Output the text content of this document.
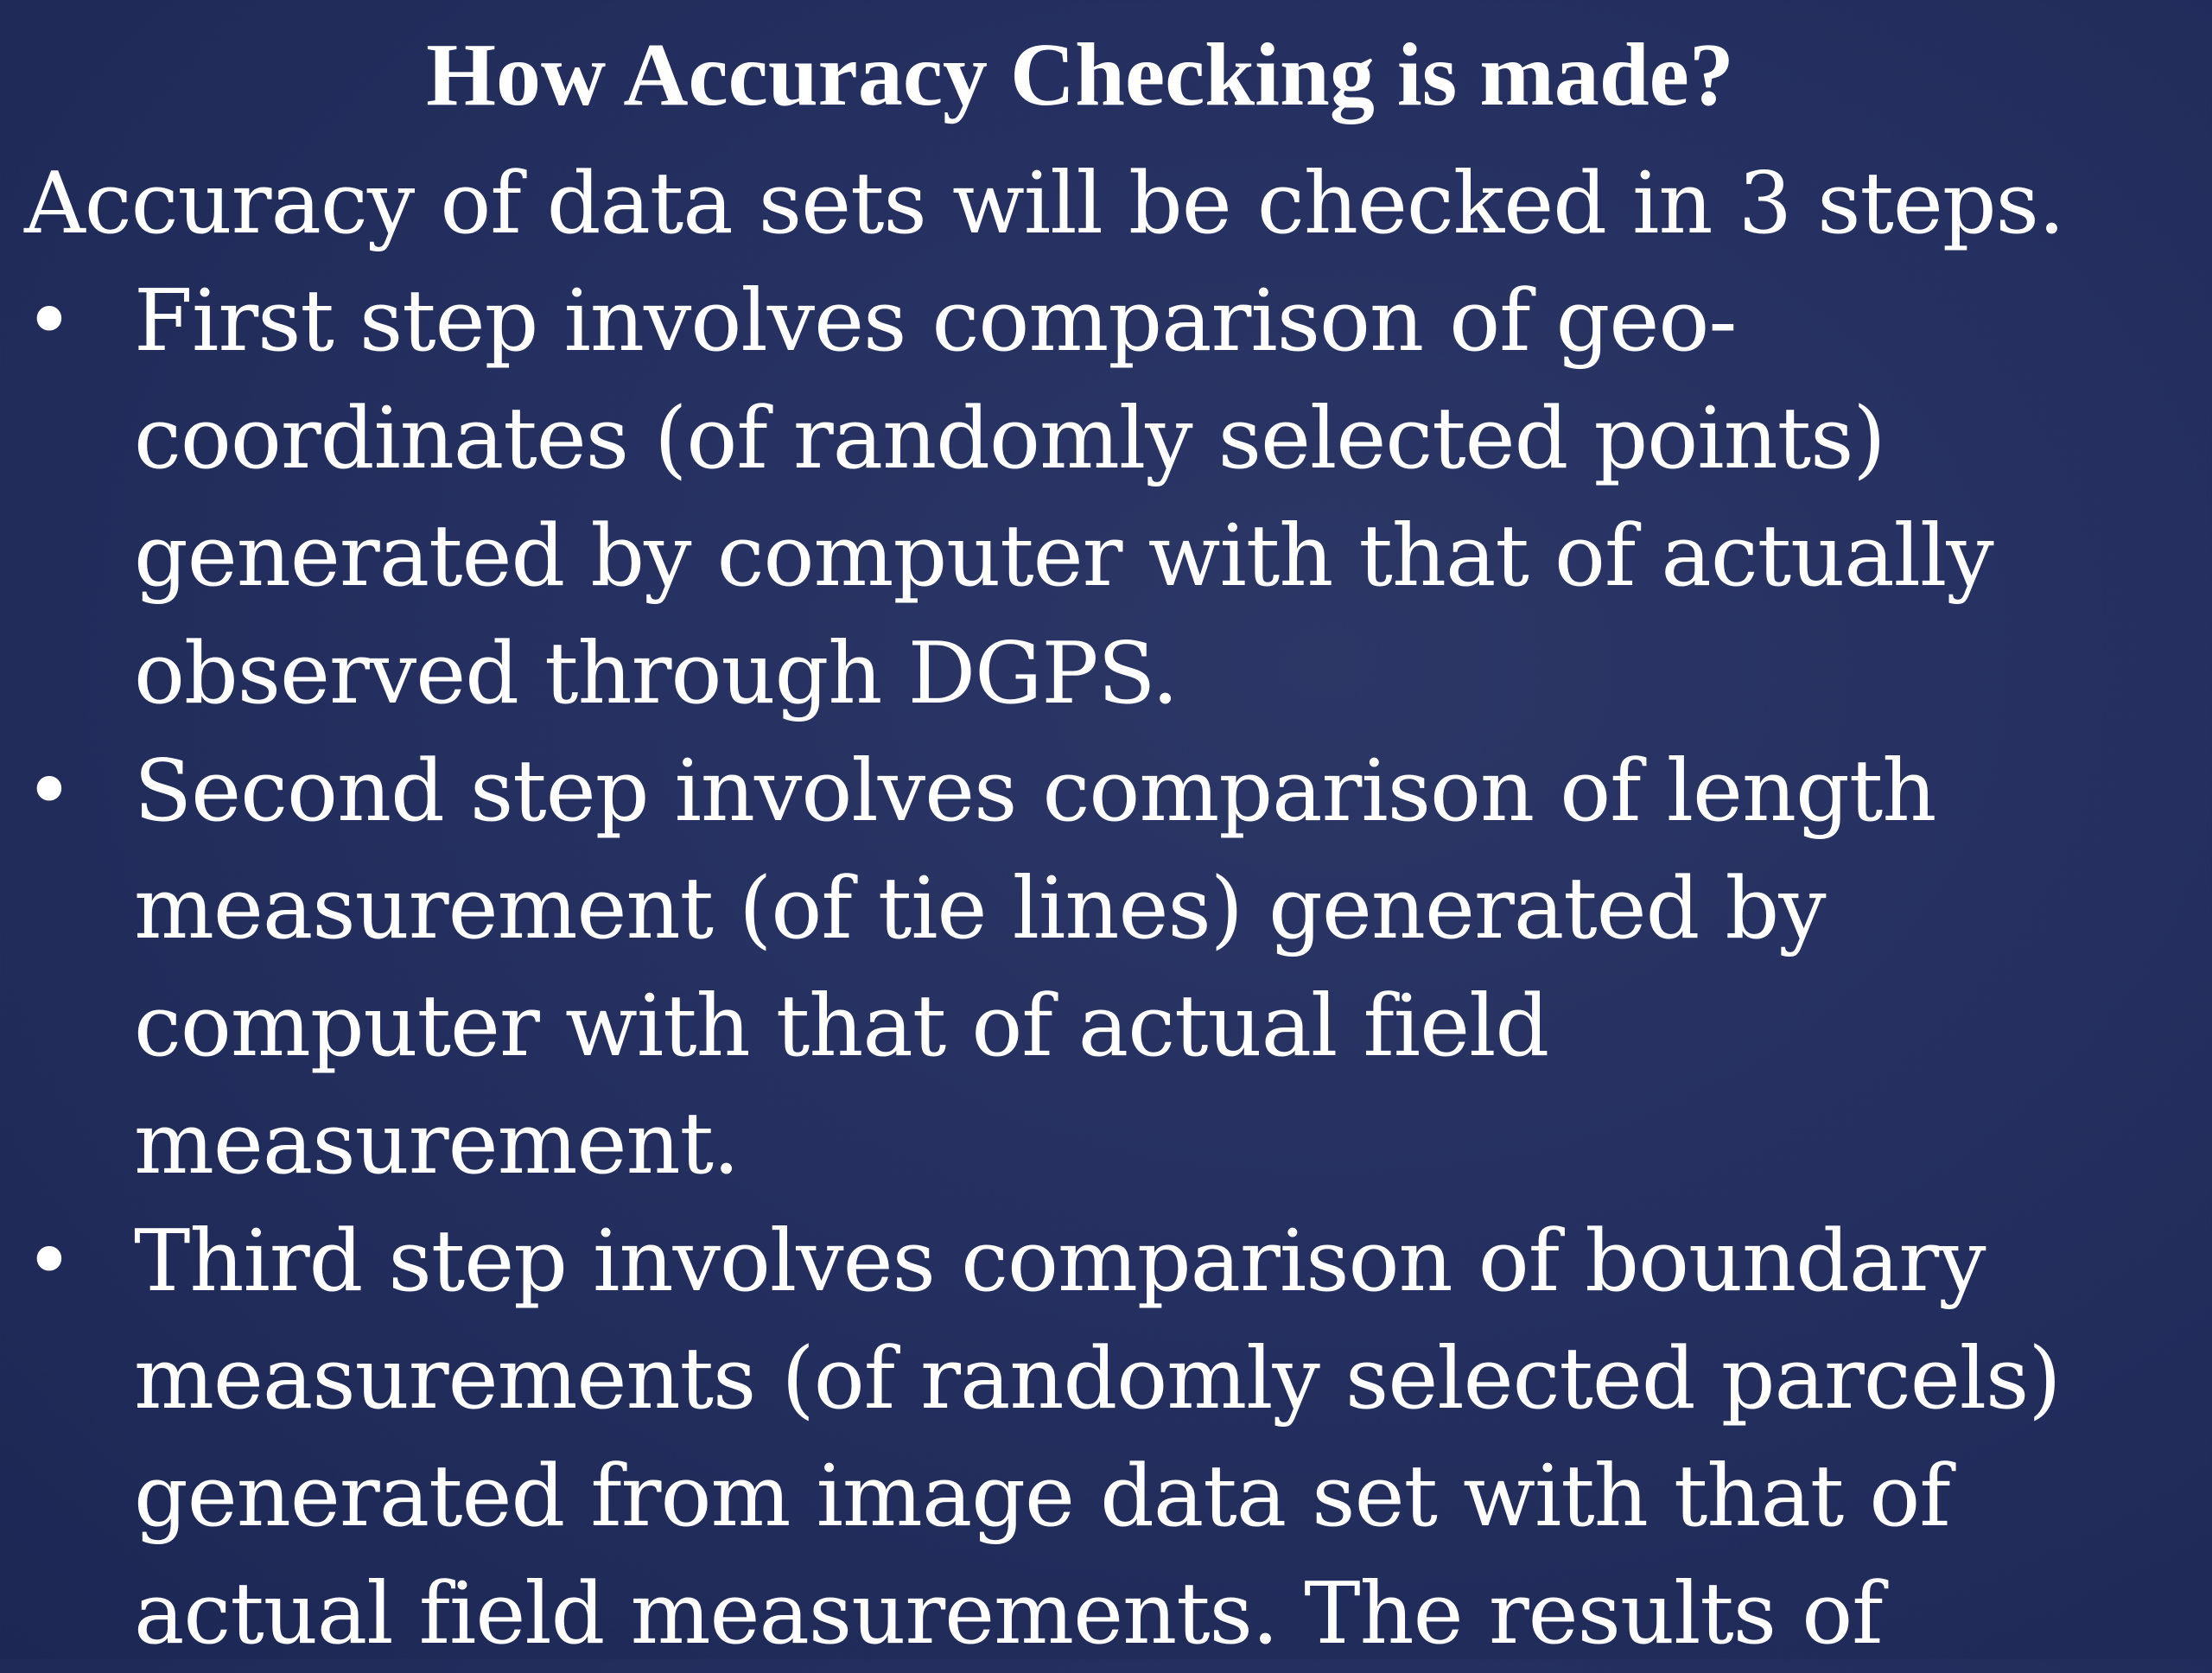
How Accuracy Checking is made?
Accuracy of data sets will be checked in 3 steps.
• First step involves comparison of geo-
coordinates (of randomly selected points)
generated by computer with that of actually
observed through DGPS.
• Second step involves comparison of length
measurement (of tie lines) generated by
computer with that of actual field
measurement.
• Third step involves comparison of boundary
measurements (of randomly selected parcels)
generated from image data set with that of
actual field measurements. The results of
